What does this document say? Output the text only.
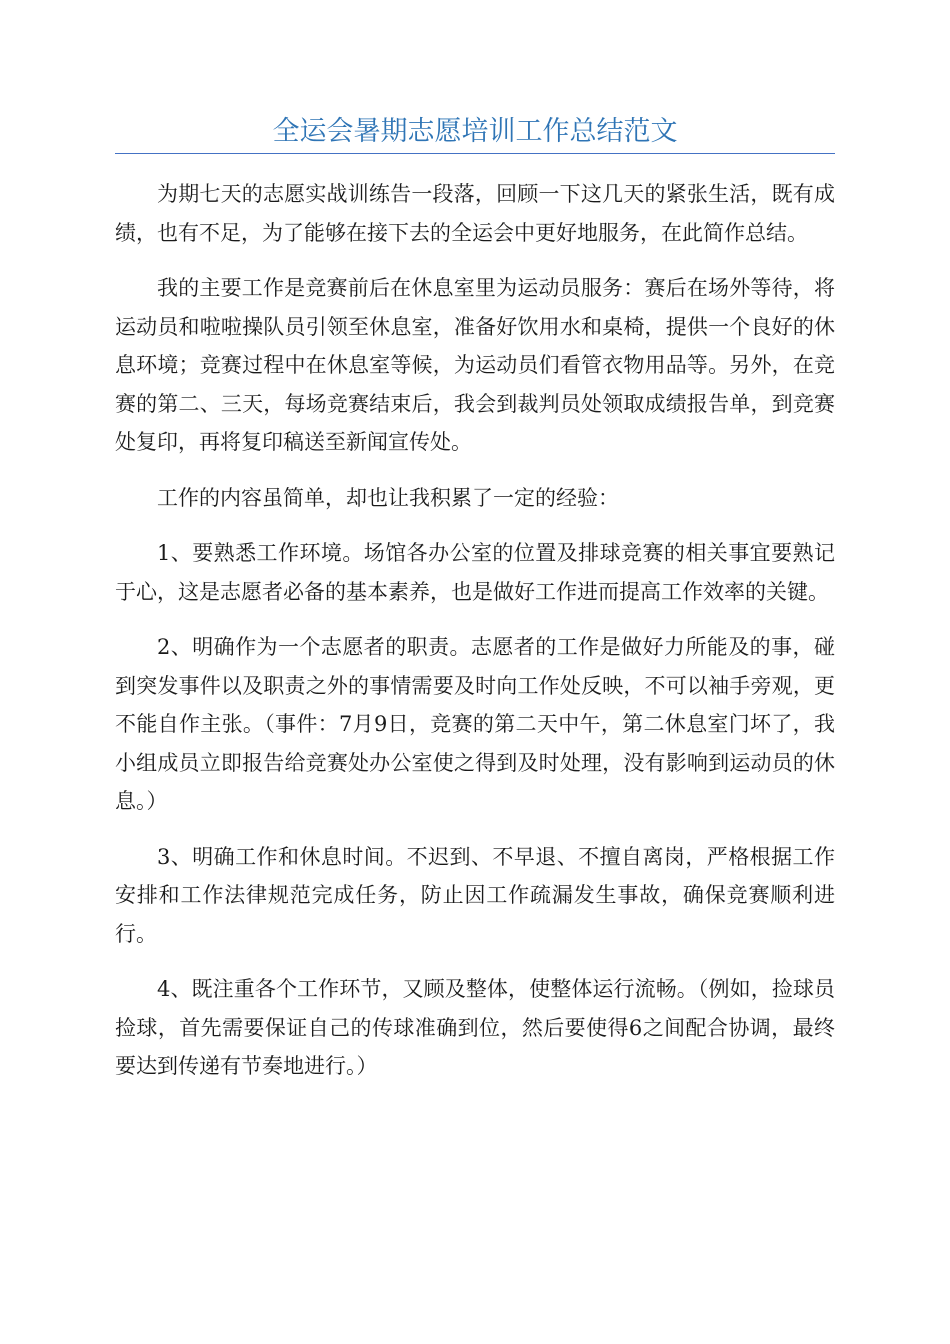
全运会暑期志愿培训工作总结范文

为期七天的志愿实战训练告一段落，回顾一下这几天的紧张生活，既有成绩，也有不足，为了能够在接下去的全运会中更好地服务，在此简作总结。

我的主要工作是竞赛前后在休息室里为运动员服务：赛后在场外等待，将运动员和啦啦操队员引领至休息室，准备好饮用水和桌椅，提供一个良好的休息环境；竞赛过程中在休息室等候，为运动员们看管衣物用品等。另外，在竞赛的第二、三天，每场竞赛结束后，我会到裁判员处领取成绩报告单，到竞赛处复印，再将复印稿送至新闻宣传处。

工作的内容虽简单，却也让我积累了一定的经验：

1、要熟悉工作环境。场馆各办公室的位置及排球竞赛的相关事宜要熟记于心，这是志愿者必备的基本素养，也是做好工作进而提高工作效率的关键。

2、明确作为一个志愿者的职责。志愿者的工作是做好力所能及的事，碰到突发事件以及职责之外的事情需要及时向工作处反映，不可以袖手旁观，更不能自作主张。（事件：7月9日，竞赛的第二天中午，第二休息室门坏了，我小组成员立即报告给竞赛处办公室使之得到及时处理，没有影响到运动员的休息。）

3、明确工作和休息时间。不迟到、不早退、不擅自离岗，严格根据工作安排和工作法律规范完成任务，防止因工作疏漏发生事故，确保竞赛顺利进行。

4、既注重各个工作环节，又顾及整体，使整体运行流畅。（例如，捡球员捡球，首先需要保证自己的传球准确到位，然后要使得6之间配合协调，最终要达到传递有节奏地进行。）
